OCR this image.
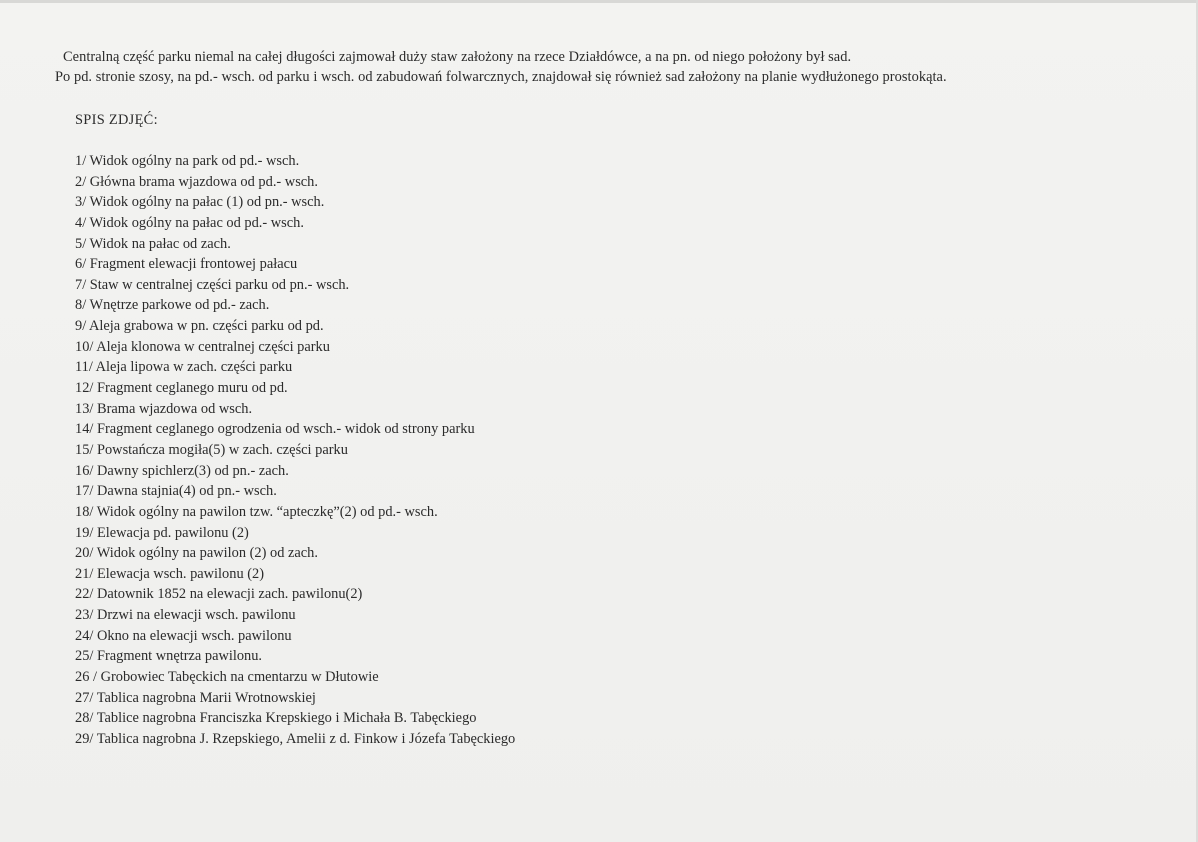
Centralną część parku niemal na całej długości zajmował duży staw założony na rzece Działdówce, a na pn. od niego położony był sad.

Po pd. stronie szosy, na pd.- wsch. od parku i wsch. od zabudowań folwarcznych, znajdował się również sad założony na planie wydłużonego prostokąta.

SPIS ZDJĘĆ:
1/ Widok ogólny na park od pd.- wsch.
2/ Główna brama wjazdowa od pd.- wsch.
3/ Widok ogólny na pałac (1) od pn.- wsch.
4/ Widok ogólny na pałac od pd.- wsch.
5/ Widok na pałac od zach.
6/ Fragment elewacji frontowej pałacu
7/ Staw w centralnej części parku od pn.- wsch.
8/ Wnętrze parkowe od pd.- zach.
9/ Aleja grabowa w pn. części parku od pd.
10/ Aleja klonowa w centralnej części parku
11/ Aleja lipowa w zach. części parku
12/ Fragment ceglanego muru od pd.
13/ Brama wjazdowa od wsch.
14/ Fragment ceglanego ogrodzenia od wsch.- widok od strony parku
15/ Powstańcza mogiła(5) w zach. części parku
16/ Dawny spichlerz(3) od pn.- zach.
17/ Dawna stajnia(4) od pn.- wsch.
18/ Widok ogólny na pawilon tzw. “apteczkę”(2) od pd.- wsch.
19/ Elewacja pd. pawilonu (2)
20/ Widok ogólny na pawilon (2) od zach.
21/ Elewacja wsch. pawilonu (2)
22/ Datownik 1852 na elewacji zach. pawilonu(2)
23/ Drzwi na elewacji wsch. pawilonu
24/ Okno na elewacji wsch. pawilonu
25/ Fragment wnętrza pawilonu.
26 / Grobowiec Tabęckich na cmentarzu w Dłutowie
27/ Tablica nagrobna Marii Wrotnowskiej
28/ Tablice nagrobna Franciszka Krepskiego i Michała B. Tabęckiego
29/ Tablica nagrobna J. Rzepskiego, Amelii z d. Finkow i Józefa Tabęckiego
